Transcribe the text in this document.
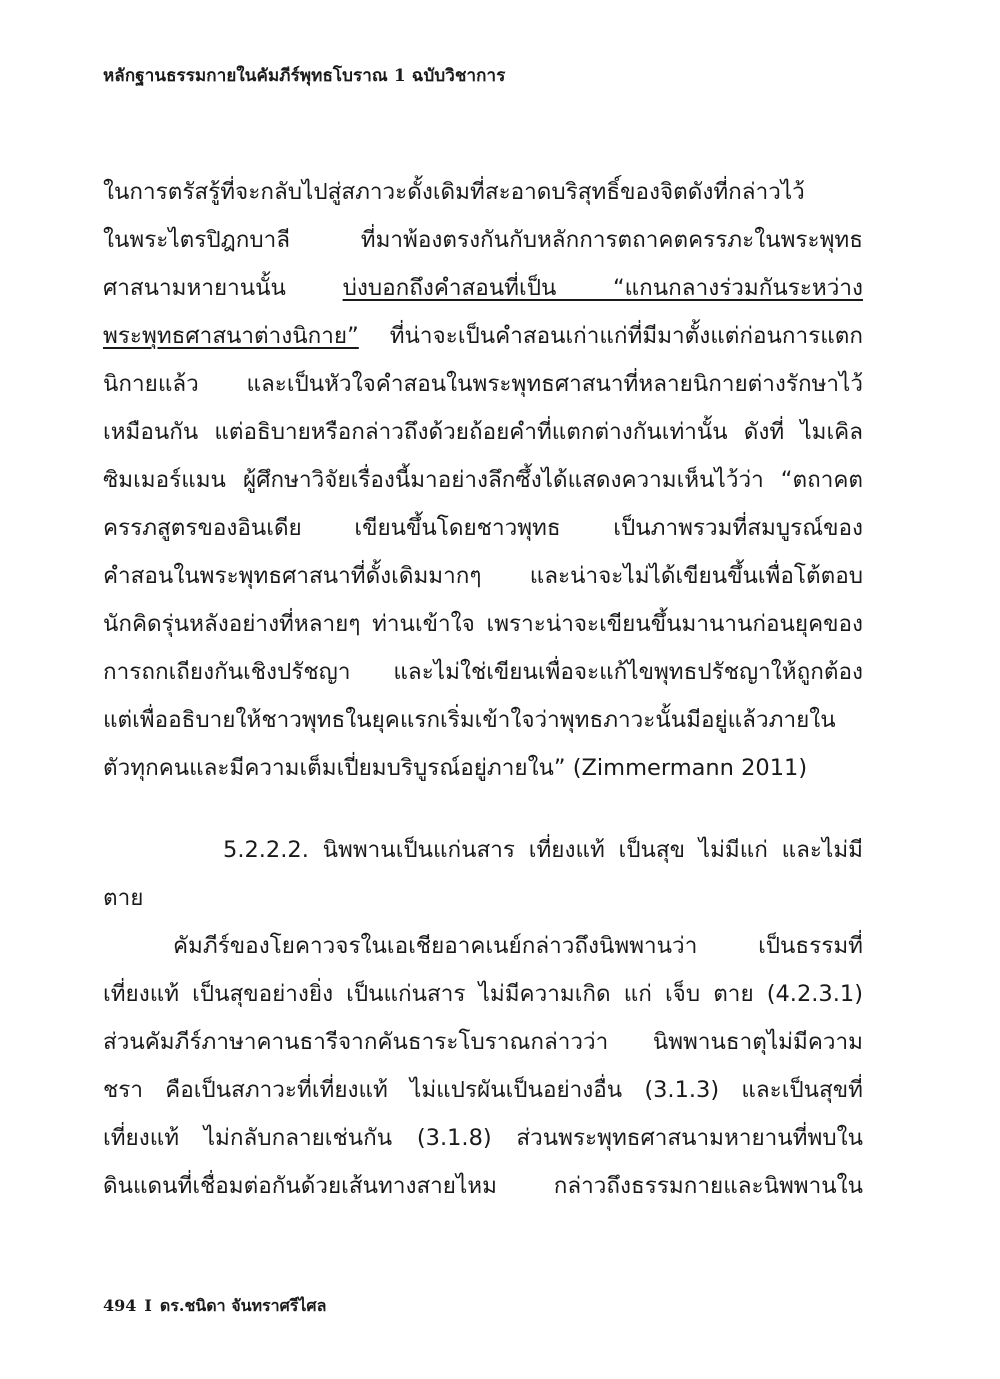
หลักฐานธรรมกายในคัมภีร์พุทธโบราณ 1 ฉบับวิชาการ
ในการตรัสรู้ที่จะกลับไปสู่สภาวะดั้งเดิมที่สะอาดบริสุทธิ์ของจิตดังที่กล่าวไว้
ในพระไตรปิฎกบาลี ที่มาพ้องตรงกันกับหลักการตถาคตครรภะในพระพุทธ
ศาสนามหายานนั้น	บ่งบอกถึงคำสอนที่เป็น “แกนกลางร่วมกันระหว่าง
พระพุทธศาสนาต่างนิกาย” ที่น่าจะเป็นคำสอนเก่าแก่ที่มีมาตั้งแต่ก่อนการแตก
นิกายแล้ว และเป็นหัวใจคำสอนในพระพุทธศาสนาที่หลายนิกายต่างรักษาไว้
เหมือนกัน แต่อธิบายหรือกล่าวถึงด้วยถ้อยคำที่แตกต่างกันเท่านั้น ดังที่ ไมเคิล
ซิมเมอร์แมน ผู้ศึกษาวิจัยเรื่องนี้มาอย่างลึกซึ้งได้แสดงความเห็นไว้ว่า “ตถาคต
ครรภสูตรของอินเดีย เขียนขึ้นโดยชาวพุทธ เป็นภาพรวมที่สมบูรณ์ของ
คำสอนในพระพุทธศาสนาที่ดั้งเดิมมากๆ และน่าจะไม่ได้เขียนขึ้นเพื่อโต้ตอบ
นักคิดรุ่นหลังอย่างที่หลายๆ ท่านเข้าใจ เพราะน่าจะเขียนขึ้นมานานก่อนยุคของ
การถกเถียงกันเชิงปรัชญา และไม่ใช่เขียนเพื่อจะแก้ไขพุทธปรัชญาให้ถูกต้อง
แต่เพื่ออธิบายให้ชาวพุทธในยุคแรกเริ่มเข้าใจว่าพุทธภาวะนั้นมีอยู่แล้วภายใน
ตัวทุกคนและมีความเต็มเปี่ยมบริบูรณ์อยู่ภายใน” (Zimmermann 2011)
5.2.2.2. นิพพานเป็นแก่นสาร เที่ยงแท้ เป็นสุข ไม่มีแก่ และไม่มี
ตาย
คัมภีร์ของโยคาวจรในเอเชียอาคเนย์กล่าวถึงนิพพานว่า เป็นธรรมที่
เที่ยงแท้ เป็นสุขอย่างยิ่ง เป็นแก่นสาร ไม่มีความเกิด แก่ เจ็บ ตาย (4.2.3.1)
ส่วนคัมภีร์ภาษาคานธารีจากคันธาระโบราณกล่าวว่า นิพพานธาตุไม่มีความ
ชรา คือเป็นสภาวะที่เที่ยงแท้ ไม่แปรผันเป็นอย่างอื่น (3.1.3) และเป็นสุขที่
เที่ยงแท้ ไม่กลับกลายเช่นกัน (3.1.8) ส่วนพระพุทธศาสนามหายานที่พบใน
ดินแดนที่เชื่อมต่อกันด้วยเส้นทางสายไหม กล่าวถึงธรรมกายและนิพพานใน
494 I ดร.ชนิดา จันทราศรีไศล
